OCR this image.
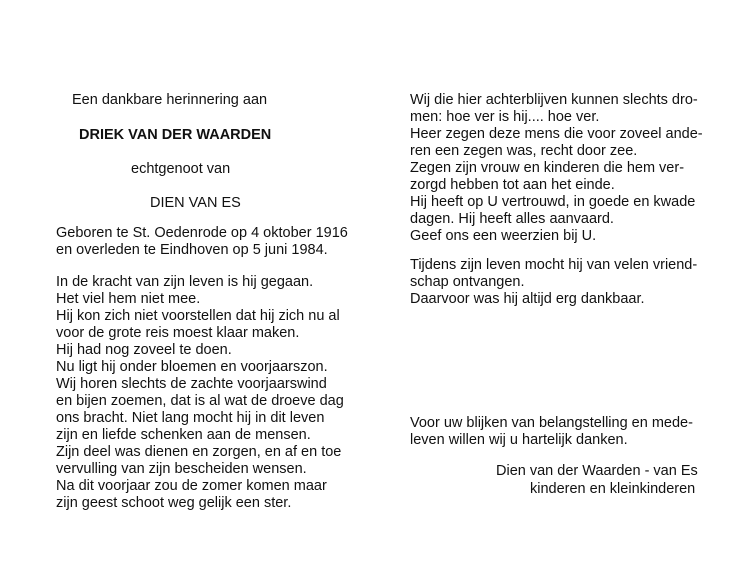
Een dankbare herinnering aan
DRIEK VAN DER WAARDEN
echtgenoot van
DIEN VAN ES
Geboren te St. Oedenrode op 4 oktober 1916
en overleden te Eindhoven op 5 juni 1984.
In de kracht van zijn leven is hij gegaan.
Het viel hem niet mee.
Hij kon zich niet voorstellen dat hij zich nu al
voor de grote reis moest klaar maken.
Hij had nog zoveel te doen.
Nu ligt hij onder bloemen en voorjaarszon.
Wij horen slechts de zachte voorjaarswind
en bijen zoemen, dat is al wat de droeve dag
ons bracht. Niet lang mocht hij in dit leven
zijn en liefde schenken aan de mensen.
Zijn deel was dienen en zorgen, en af en toe
vervulling van zijn bescheiden wensen.
Na dit voorjaar zou de zomer komen maar
zijn geest schoot weg gelijk een ster.
Wij die hier achterblijven kunnen slechts dro-
men: hoe ver is hij.... hoe ver.
Heer zegen deze mens die voor zoveel ande-
ren een zegen was, recht door zee.
Zegen zijn vrouw en kinderen die hem ver-
zorgd hebben tot aan het einde.
Hij heeft op U vertrouwd, in goede en kwade
dagen. Hij heeft alles aanvaard.
Geef ons een weerzien bij U.
Tijdens zijn leven mocht hij van velen vriend-
schap ontvangen.
Daarvoor was hij altijd erg dankbaar.
Voor uw blijken van belangstelling en mede-
leven willen wij u hartelijk danken.
Dien van der Waarden - van Es
kinderen en kleinkinderen
